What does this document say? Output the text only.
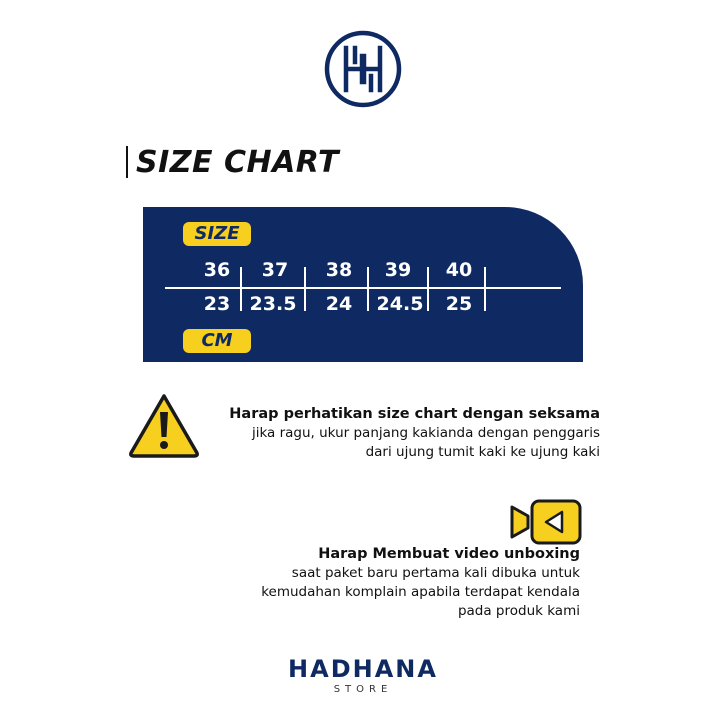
SIZE CHART
SIZE
36	37	38	39	40
23	23.5	24	24.5	25
CM
Harap perhatikan size chart dengan seksama
jika ragu, ukur panjang kakianda dengan penggaris
dari ujung tumit kaki ke ujung kaki
Harap Membuat video unboxing
saat paket baru pertama kali dibuka untuk
kemudahan komplain apabila terdapat kendala
pada produk kami
HADHANA
STORE
